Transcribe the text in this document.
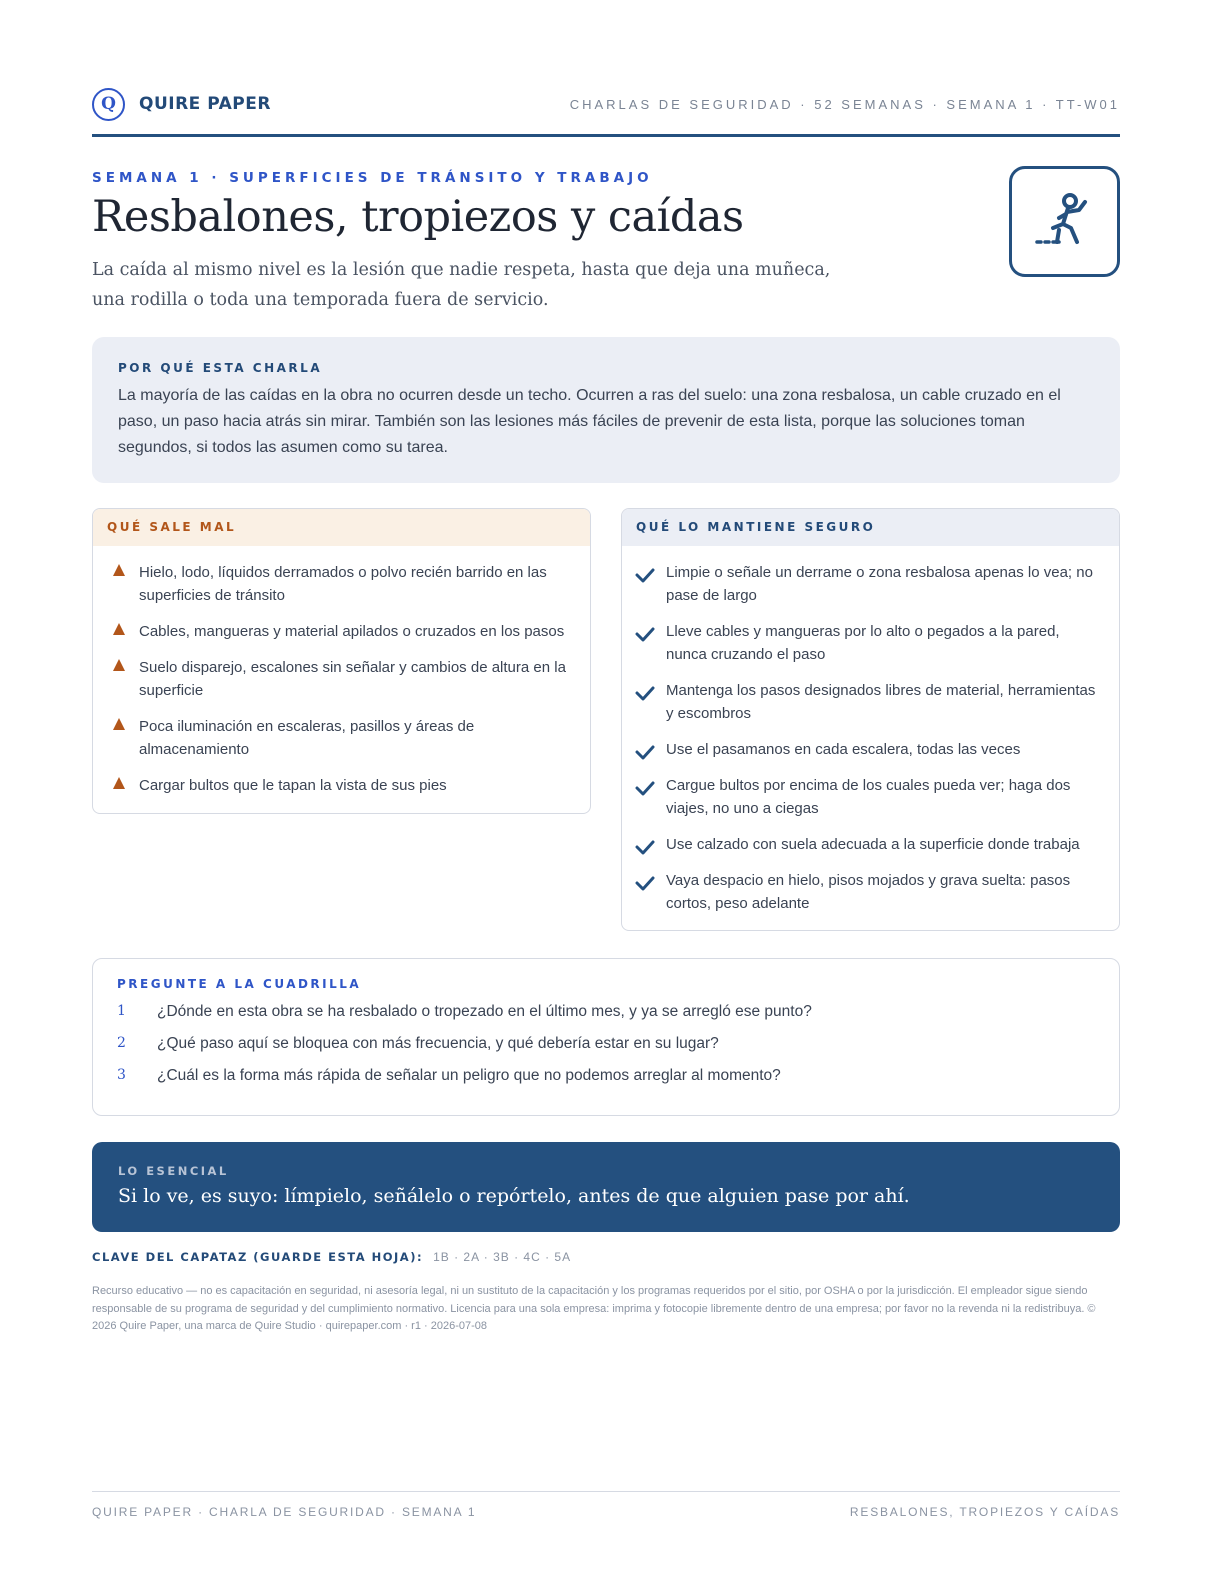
Q	QUIRE PAPER	CHARLAS DE SEGURIDAD · 52 SEMANAS · SEMANA 1 · TT-W01
SEMANA 1 · SUPERFICIES DE TRÁNSITO Y TRABAJO
Resbalones, tropiezos y caídas

La caída al mismo nivel es la lesión que nadie respeta, hasta que deja una muñeca, una rodilla o toda una temporada fuera de servicio.

POR QUÉ ESTA CHARLA

La mayoría de las caídas en la obra no ocurren desde un techo. Ocurren a ras del suelo: una zona resbalosa, un cable cruzado en el paso, un paso hacia atrás sin mirar. También son las lesiones más fáciles de prevenir de esta lista, porque las soluciones toman segundos, si todos las asumen como su tarea.

QUÉ SALE MAL
Hielo, lodo, líquidos derramados o polvo recién barrido en las superficies de tránsito
Cables, mangueras y material apilados o cruzados en los pasos
Suelo disparejo, escalones sin señalar y cambios de altura en la superficie
Poca iluminación en escaleras, pasillos y áreas de almacenamiento
Cargar bultos que le tapan la vista de sus pies
QUÉ LO MANTIENE SEGURO
Limpie o señale un derrame o zona resbalosa apenas lo vea; no pase de largo
Lleve cables y mangueras por lo alto o pegados a la pared, nunca cruzando el paso
Mantenga los pasos designados libres de material, herramientas y escombros
Use el pasamanos en cada escalera, todas las veces
Cargue bultos por encima de los cuales pueda ver; haga dos viajes, no uno a ciegas
Use calzado con suela adecuada a la superficie donde trabaja
Vaya despacio en hielo, pisos mojados y grava suelta: pasos cortos, peso adelante
PREGUNTE A LA CUADRILLA
1	¿Dónde en esta obra se ha resbalado o tropezado en el último mes, y ya se arregló ese punto?
2	¿Qué paso aquí se bloquea con más frecuencia, y qué debería estar en su lugar?
3	¿Cuál es la forma más rápida de señalar un peligro que no podemos arreglar al momento?
LO ESENCIAL
Si lo ve, es suyo: límpielo, señálelo o repórtelo, antes de que alguien pase por ahí.
CLAVE DEL CAPATAZ (GUARDE ESTA HOJA): 1B · 2A · 3B · 4C · 5A

Recurso educativo — no es capacitación en seguridad, ni asesoría legal, ni un sustituto de la capacitación y los programas requeridos por el sitio, por OSHA o por la jurisdicción. El empleador sigue siendo responsable de su programa de seguridad y del cumplimiento normativo. Licencia para una sola empresa: imprima y fotocopie libremente dentro de una empresa; por favor no la revenda ni la redistribuya. © 2026 Quire Paper, una marca de Quire Studio · quirepaper.com · r1 · 2026-07-08

QUIRE PAPER · CHARLA DE SEGURIDAD · SEMANA 1	RESBALONES, TROPIEZOS Y CAÍDAS
